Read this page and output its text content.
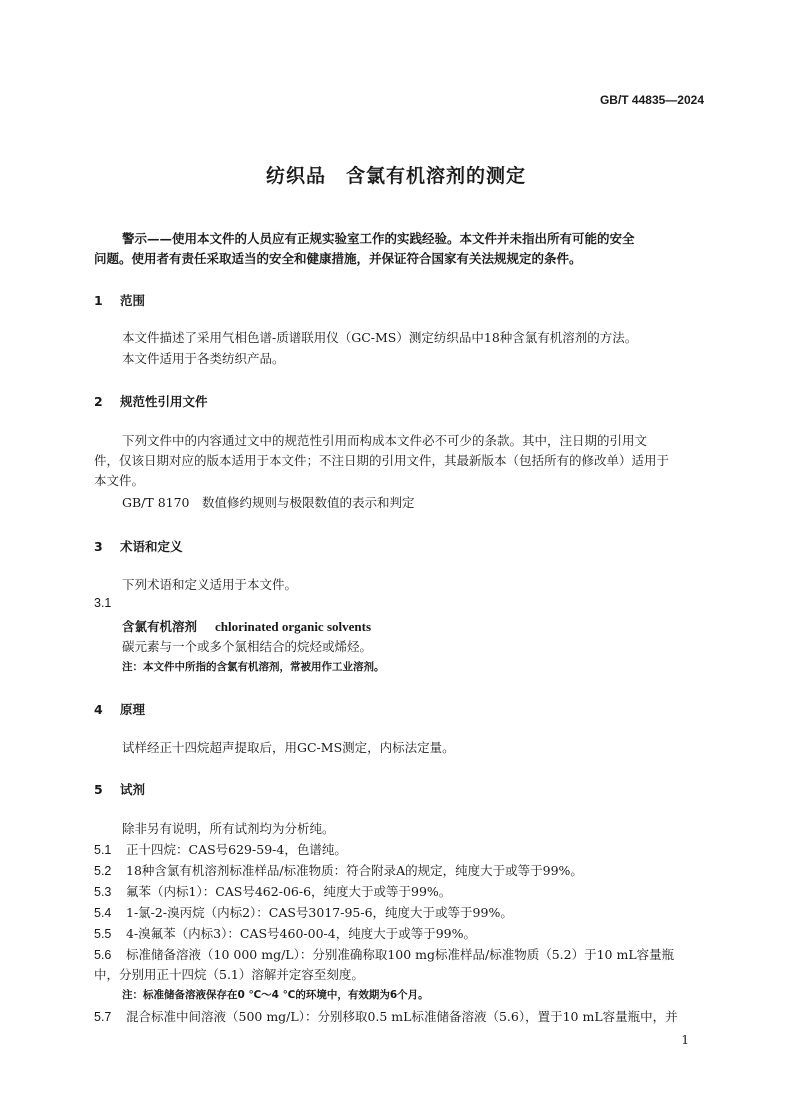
GB/T 44835—2024
纺织品　含氯有机溶剂的测定
警示——使用本文件的人员应有正规实验室工作的实践经验。本文件并未指出所有可能的安全
问题。使用者有责任采取适当的安全和健康措施，并保证符合国家有关法规规定的条件。
1 范围
本文件描述了采用气相色谱-质谱联用仪（GC-MS）测定纺织品中18种含氯有机溶剂的方法。
本文件适用于各类纺织产品。
2 规范性引用文件
下列文件中的内容通过文中的规范性引用而构成本文件必不可少的条款。其中，注日期的引用文
件，仅该日期对应的版本适用于本文件；不注日期的引用文件，其最新版本（包括所有的修改单）适用于
本文件。
GB/T 8170　数值修约规则与极限数值的表示和判定
3 术语和定义
下列术语和定义适用于本文件。
3.1
含氯有机溶剂 chlorinated organic solvents
碳元素与一个或多个氯相结合的烷烃或烯烃。
注：本文件中所指的含氯有机溶剂，常被用作工业溶剂。
4 原理
试样经正十四烷超声提取后，用GC-MS测定，内标法定量。
5 试剂
除非另有说明，所有试剂均为分析纯。
5.1 正十四烷：CAS号629-59-4，色谱纯。
5.2 18种含氯有机溶剂标准样品/标准物质：符合附录A的规定，纯度大于或等于99%。
5.3 氟苯（内标1）：CAS号462-06-6，纯度大于或等于99%。
5.4 1-氯-2-溴丙烷（内标2）：CAS号3017-95-6，纯度大于或等于99%。
5.5 4-溴氟苯（内标3）：CAS号460-00-4，纯度大于或等于99%。
5.6 标准储备溶液（10 000 mg/L）：分别准确称取100 mg标准样品/标准物质（5.2）于10 mL容量瓶
中，分别用正十四烷（5.1）溶解并定容至刻度。
注：标准储备溶液保存在0 ℃～4 ℃的环境中，有效期为6个月。
5.7 混合标准中间溶液（500 mg/L）：分别移取0.5 mL标准储备溶液（5.6），置于10 mL容量瓶中，并
1
